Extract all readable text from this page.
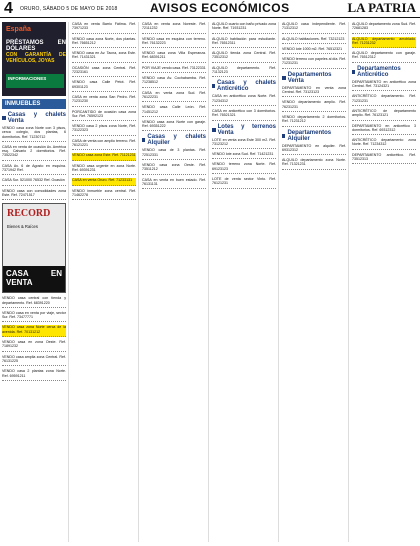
4 ORURO, SÁBADO 5 DE MAYO DE 2018	AVISOS ECONÓMICOS	LA PATRIA
España
PRÉSTAMOS EN DÓLARES
CON GARANTÍA DE VEHÍCULOS, JOYAS
INFORMACIONES
INMUEBLES
Casas y chalets Venta
VENDO casa zona Norte con 3 pisos, cerca colegio, dos plantas, 6 dormitorios. Ref. 71230712
CASA en venta de ocasión Av. América esq. Calvario 2 dormitorios. Ref. 73522342
CASA Av. 6 de Agosto en esquina. 7371942 Ref.
CASA Sur. 521000 76532 Ref. Ocasión
VENDO casa con comodidades zona Este. Ref. 72471517
RECORD
Bienes & Raíces
CASA EN VENTA
VENDO casa central con tienda y departamento. Ref. 68391220
VENDO casa en venta por viaje, sector Sur. Ref. 73477771
VENDO casa zona Norte cerca de la avenida. Ref. 70131212
VENDO casa en zona Oeste. Ref. 71891232
VENDO casa amplia zona Central. Ref. 76131225
VENDO casa 2 plantas zona Norte. Ref. 69591211
CASA en venta Barrio Fátima. Ref. 73971233
VENDO casa zona Norte, dos plantas. Ref. 76651212
VENDO casa en Av. Tacna, zona Este. Ref. 71431321
OCASIÓN casa zona Central. Ref. 72323161
VENDO casa Calle Petot. Ref. 69301123
CASA en venta zona San Pedro. Ref. 71231230
PORCANTIDO de ocasión casa zona Sur. Ref. 76592123
VENDO casa 2 pisos zona Norte, Ref. 73122323
CASA de venta con amplio terreno. Ref. 76121221
VENDO casa zona Este. Ref. 71121231
VENDO casa urgente en zona Norte. Ref. 69391231
CASA en venta Oruro. Ref. 71233131
VENDO inmueble zona central. Ref. 71462278
CASA en venta zona Noreste. Ref. 72111232
VENDO casa en esquina con terreno. Ref. 76132223
VENDO casa zona Villa Esperanza. Ref. 68391211
POR VIAJE vendo casa. Ref. 73122331
VENDO casa Av. Cochabamba. Ref. 71238512
CASA en venta zona Sud. Ref. 76122231
VENDO casa Calle León. Ref. 71451212
VENDO casa zona Norte con garaje. Ref. 69351222
Casas y chalets Alquiler
VENDO casa de 3 plantas. Ref. 72512331
VENDO casa zona Oeste. Ref. 73511212
CASA en venta en buen estado. Ref. 76131131
ALQUILO cuarto con baño privado zona Norte. Ref. 71931231
ALQUILO habitación para estudiante. Ref. 76512311
ALQUILO tienda zona Central. Ref. 73512312
ALQUILO departamento. Ref. 71132123
Casas y chalets Anticrético
CASA en anticrético zona Norte. Ref. 71234312
CASA en anticrético con 3 dormitorios. Ref. 76521321
Lotes y terrenos Venta
LOTE en venta zona Este 300 m2. Ref. 73123212
VENDO lote zona Sud. Ref. 71421231
VENDO terreno zona Norte. Ref. 69123123
LOTE de venta sector Vinto. Ref. 76121231
ALQUILO casa independiente. Ref. 71312312
ALQUILO habitaciones. Ref. 73212123
VENDO lote 1000 m2. Ref. 76512321
VENDO terreno con papeles al día. Ref. 71231231
Departamentos Venta
DEPARTAMENTO en venta zona Central. Ref. 73123123
VENDO departamento amplio. Ref. 76231231
VENDO departamento 2 dormitorios. Ref. 71231212
Departamentos Alquiler
DEPARTAMENTO en alquiler. Ref. 69312312
ALQUILO departamento zona Norte. Ref. 71321231
ALQUILO departamento zona Sud. Ref. 72681283
ALQUILO departamento amoblado. Ref. 71231232
ALQUILO departamento con garaje. Ref. 76512312
Departamentos Anticrético
DEPARTAMENTO en anticrético zona Central. Ref. 73124321
ANTICRÉTICO departamento. Ref. 71231231
ANTICRÉTICO de departamento amplio. Ref. 76123121
DEPARTAMENTO en anticrético 3 dormitorios. Ref. 69312312
ANTICRÉTICO departamento zona Norte. Ref. 71234312
DEPARTAMENTO anticrético. Ref. 73512313
